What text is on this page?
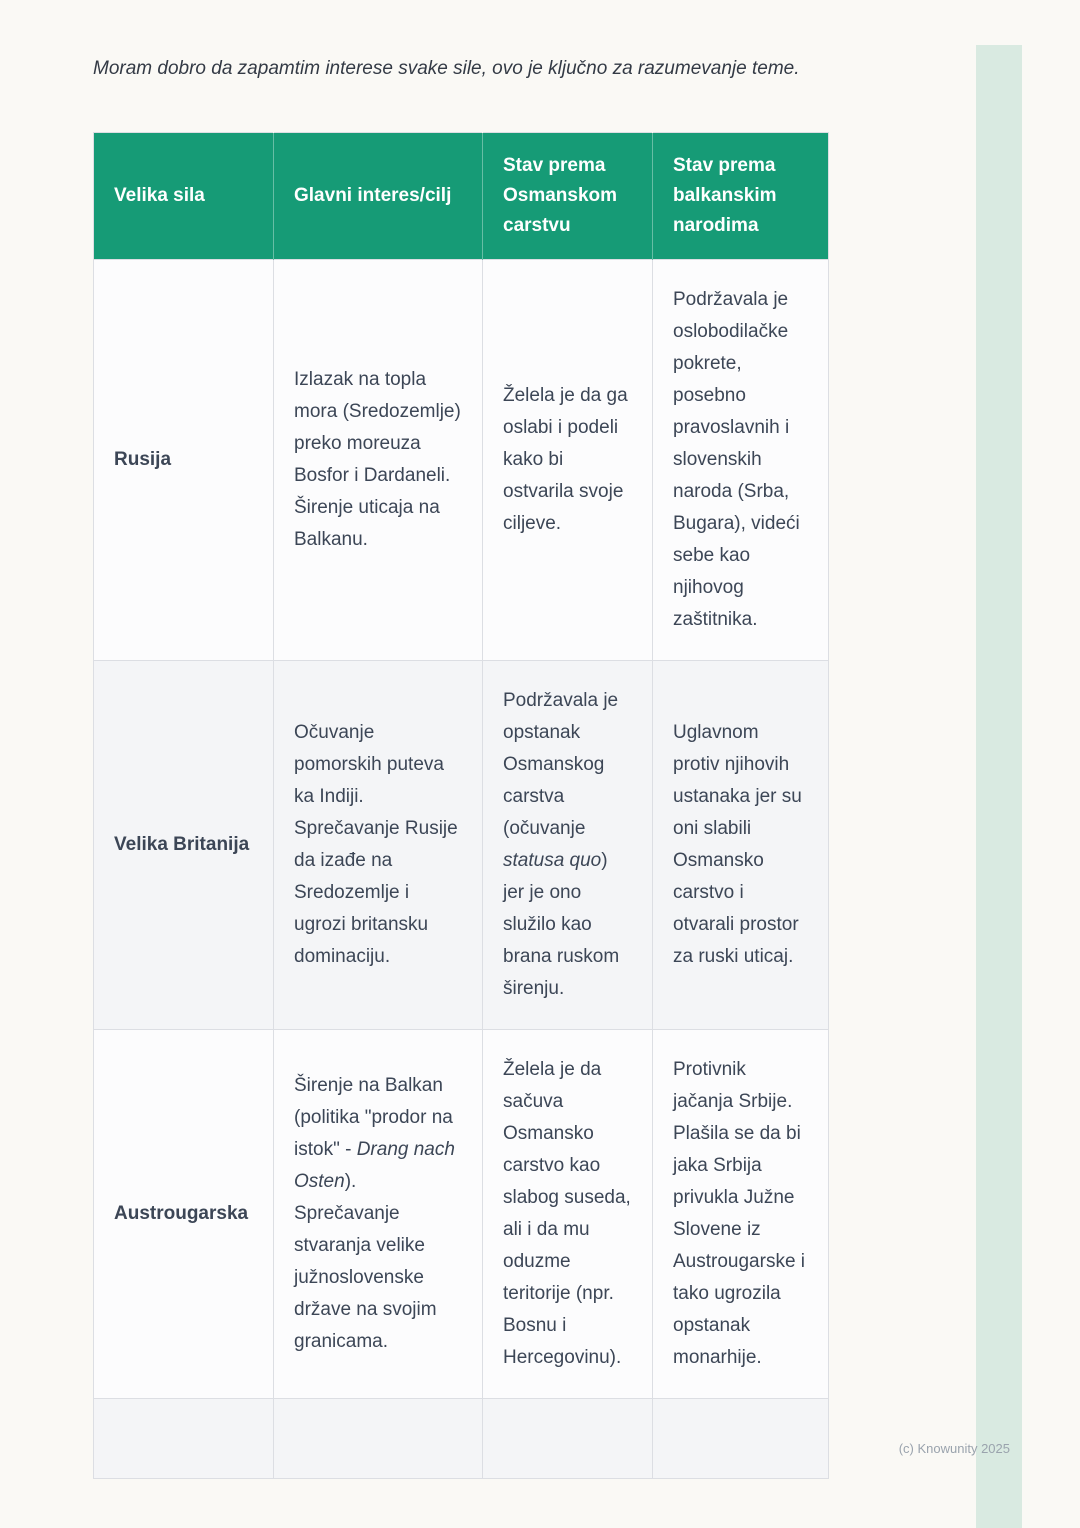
Moram dobro da zapamtim interese svake sile, ovo je ključno za razumevanje teme.

Velika sila	Glavni interes/cilj	Stav prema Osmanskom carstvu	Stav prema balkanskim narodima
Rusija	Izlazak na topla mora (Sredozemlje) preko moreuza Bosfor i Dardaneli. Širenje uticaja na Balkanu.	Želela je da ga oslabi i podeli kako bi ostvarila svoje ciljeve.	Podržavala je oslobodilačke pokrete, posebno pravoslavnih i slovenskih naroda (Srba, Bugara), videći sebe kao njihovog zaštitnika.
Velika Britanija	Očuvanje pomorskih puteva ka Indiji. Sprečavanje Rusije da izađe na Sredozemlje i ugrozi britansku dominaciju.	Podržavala je opstanak Osmanskog carstva (očuvanje statusa quo) jer je ono služilo kao brana ruskom širenju.	Uglavnom protiv njihovih ustanaka jer su oni slabili Osmansko carstvo i otvarali prostor za ruski uticaj.
Austrougarska	Širenje na Balkan (politika "prodor na istok" - Drang nach Osten). Sprečavanje stvaranja velike južnoslovenske države na svojim granicama.	Želela je da sačuva Osmansko carstvo kao slabog suseda, ali i da mu oduzme teritorije (npr. Bosnu i Hercegovinu).	Protivnik jačanja Srbije. Plašila se da bi jaka Srbija privukla Južne Slovene iz Austrougarske i tako ugrozila opstanak monarhije.

(c) Knowunity 2025
